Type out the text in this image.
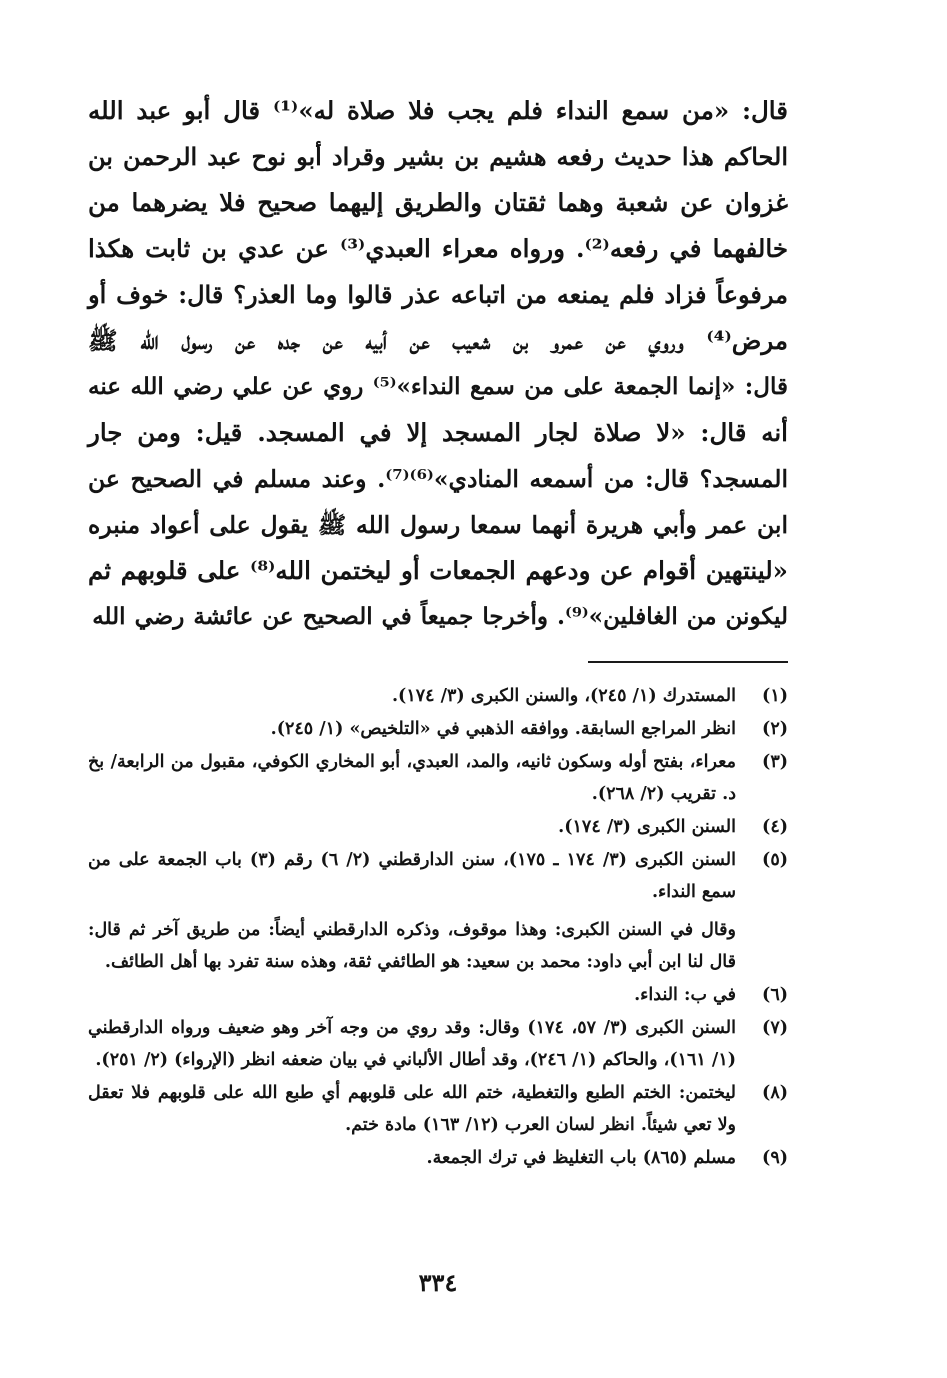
قال: «من سمع النداء فلم يجب فلا صلاة له»⁽¹⁾ قال أبو عبد الله
الحاكم هذا حديث رفعه هشيم بن بشير وقراد أبو نوح عبد الرحمن بن
غزوان عن شعبة وهما ثقتان والطريق إليهما صحيح فلا يضرهما من
خالفهما في رفعه⁽²⁾. ورواه معراء العبدي⁽³⁾ عن عدي بن ثابت هكذا
مرفوعاً فزاد فلم يمنعه من اتباعه عذر قالوا وما العذر؟ قال: خوف أو
مرض⁽⁴⁾ وروي عن عمرو بن شعيب عن أبيه عن جده عن رسول الله ﷺ
قال: «إنما الجمعة على من سمع النداء»⁽⁵⁾ روي عن علي رضي الله عنه
أنه قال: «لا صلاة لجار المسجد إلا في المسجد. قيل: ومن جار
المسجد؟ قال: من أسمعه المنادي»⁽⁶⁾⁽⁷⁾. وعند مسلم في الصحيح عن
ابن عمر وأبي هريرة أنهما سمعا رسول الله ﷺ يقول على أعواد منبره
«لينتهين أقوام عن ودعهم الجمعات أو ليختمن الله⁽⁸⁾ على قلوبهم ثم
ليكونن من الغافلين»⁽⁹⁾. وأخرجا جميعاً في الصحيح عن عائشة رضي الله
(١)

المستدرك (١/ ٢٤٥)، والسنن الكبرى (٣/ ١٧٤).

(٢)

انظر المراجع السابقة. ووافقه الذهبي في «التلخيص» (١/ ٢٤٥).

(٣)

معراء، بفتح أوله وسكون ثانيه، والمد، العبدي، أبو المخاري الكوفي، مقبول من الرابعة/ بخ د. تقريب (٢/ ٢٦٨).

(٤)

السنن الكبرى (٣/ ١٧٤).

(٥)

السنن الكبرى (٣/ ١٧٤ ـ ١٧٥)، سنن الدارقطني (٢/ ٦) رقم (٣) باب الجمعة على من سمع النداء.

وقال في السنن الكبرى: وهذا موقوف، وذكره الدارقطني أيضاً: من طريق آخر ثم قال: قال لنا ابن أبي داود: محمد بن سعيد: هو الطائفي ثقة، وهذه سنة تفرد بها أهل الطائف.

(٦)

في ب: النداء.

(٧)

السنن الكبرى (٣/ ٥٧، ١٧٤) وقال: وقد روي من وجه آخر وهو ضعيف ورواه الدارقطني (١/ ١٦١)، والحاكم (١/ ٢٤٦)، وقد أطال الألباني في بيان ضعفه انظر (الإرواء) (٢/ ٢٥١).

(٨)

ليختمن: الختم الطبع والتغطية، ختم الله على قلوبهم أي طبع الله على قلوبهم فلا تعقل ولا تعي شيئاً. انظر لسان العرب (١٢/ ١٦٣) مادة ختم.

(٩)

مسلم (٨٦٥) باب التغليظ في ترك الجمعة.

٣٣٤
